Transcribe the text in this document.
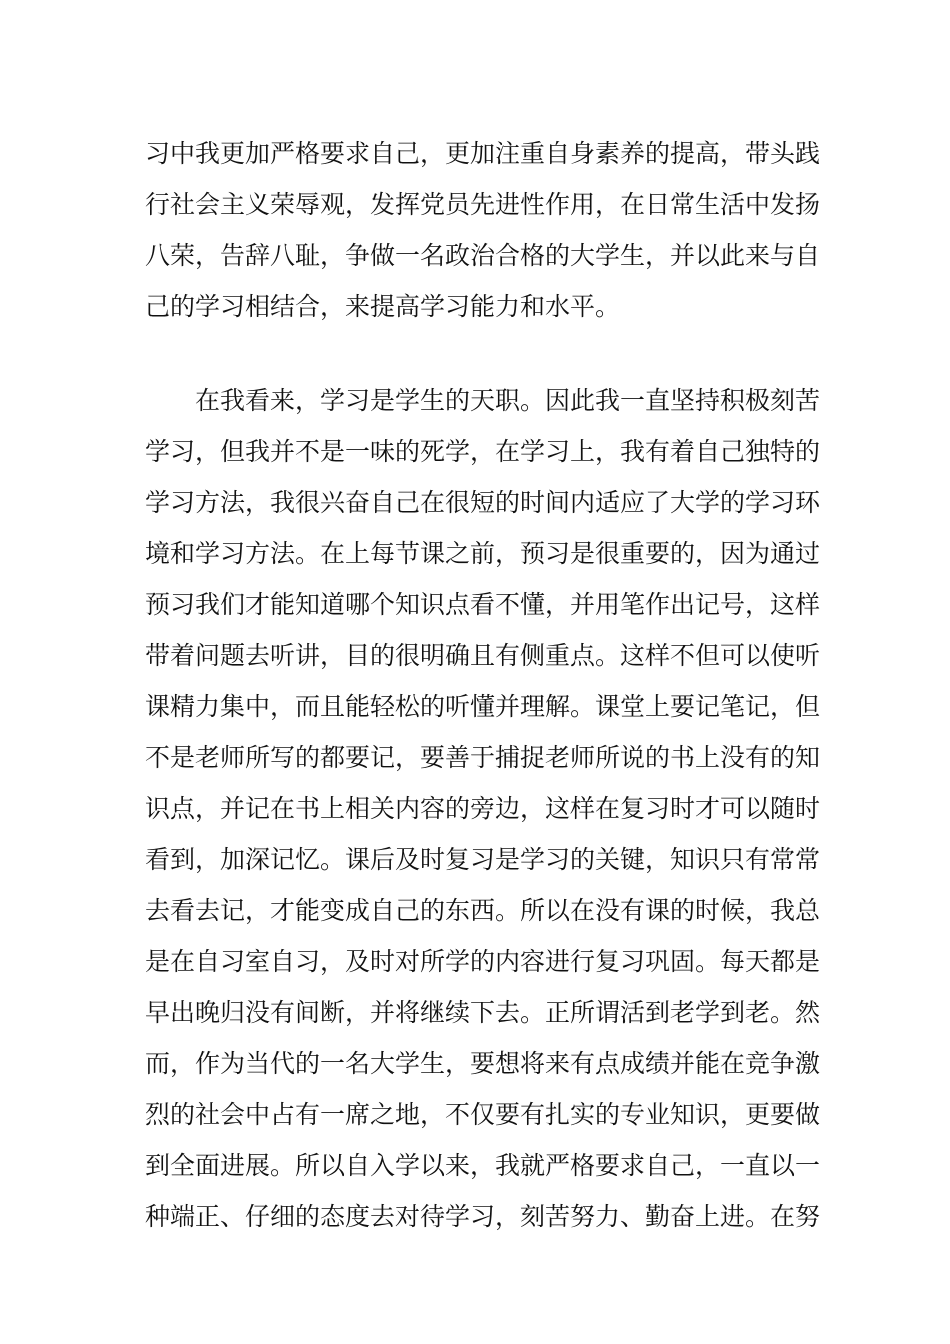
习中我更加严格要求自己，更加注重自身素养的提高，带头践
行社会主义荣辱观，发挥党员先进性作用，在日常生活中发扬
八荣，告辞八耻，争做一名政治合格的大学生，并以此来与自
己的学习相结合，来提高学习能力和水平。
在我看来，学习是学生的天职。因此我一直坚持积极刻苦
学习，但我并不是一味的死学，在学习上，我有着自己独特的
学习方法，我很兴奋自己在很短的时间内适应了大学的学习环
境和学习方法。在上每节课之前，预习是很重要的，因为通过
预习我们才能知道哪个知识点看不懂，并用笔作出记号，这样
带着问题去听讲，目的很明确且有侧重点。这样不但可以使听
课精力集中，而且能轻松的听懂并理解。课堂上要记笔记，但
不是老师所写的都要记，要善于捕捉老师所说的书上没有的知
识点，并记在书上相关内容的旁边，这样在复习时才可以随时
看到，加深记忆。课后及时复习是学习的关键，知识只有常常
去看去记，才能变成自己的东西。所以在没有课的时候，我总
是在自习室自习，及时对所学的内容进行复习巩固。每天都是
早出晚归没有间断，并将继续下去。正所谓活到老学到老。然
而，作为当代的一名大学生，要想将来有点成绩并能在竞争激
烈的社会中占有一席之地，不仅要有扎实的专业知识，更要做
到全面进展。所以自入学以来，我就严格要求自己，一直以一
种端正、仔细的态度去对待学习，刻苦努力、勤奋上进。在努
